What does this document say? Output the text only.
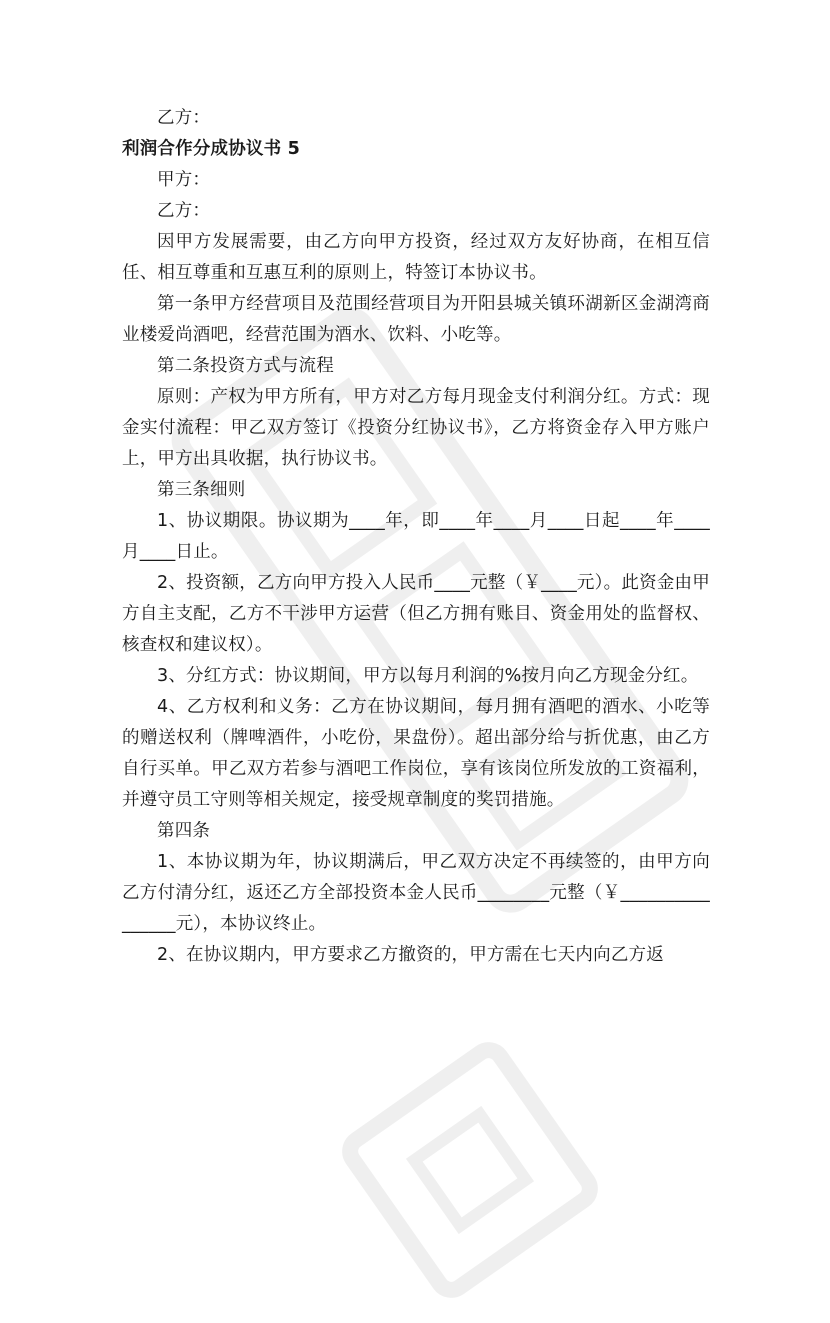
乙方：

利润合作分成协议书 5

甲方：

乙方：

因甲方发展需要，由乙方向甲方投资，经过双方友好协商，在相互信任、相互尊重和互惠互利的原则上，特签订本协议书。

第一条甲方经营项目及范围经营项目为开阳县城关镇环湖新区金湖湾商业楼爱尚酒吧，经营范围为酒水、饮料、小吃等。

第二条投资方式与流程

原则：产权为甲方所有，甲方对乙方每月现金支付利润分红。方式：现金实付流程：甲乙双方签订《投资分红协议书》，乙方将资金存入甲方账户上，甲方出具收据，执行协议书。

第三条细则

1、协议期限。协议期为____年，即____年____月____日起____年____月____日止。

2、投资额，乙方向甲方投入人民币____元整（￥____元）。此资金由甲方自主支配，乙方不干涉甲方运营（但乙方拥有账目、资金用处的监督权、核查权和建议权）。

3、分红方式：协议期间，甲方以每月利润的%按月向乙方现金分红。

4、乙方权利和义务：乙方在协议期间，每月拥有酒吧的酒水、小吃等的赠送权利（牌啤酒件，小吃份，果盘份）。超出部分给与折优惠，由乙方自行买单。甲乙双方若参与酒吧工作岗位，享有该岗位所发放的工资福利，并遵守员工守则等相关规定，接受规章制度的奖罚措施。

第四条

1、本协议期为年，协议期满后，甲乙双方决定不再续签的，由甲方向乙方付清分红，返还乙方全部投资本金人民币________元整（￥________________元），本协议终止。

2、在协议期内，甲方要求乙方撤资的，甲方需在七天内向乙方返
